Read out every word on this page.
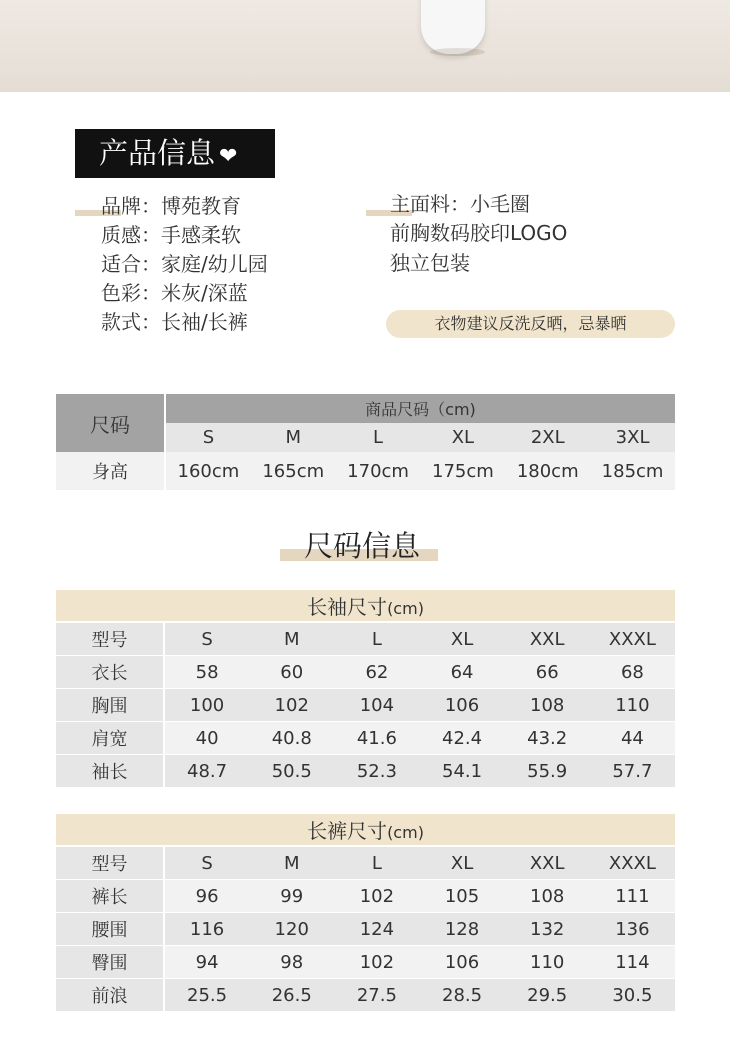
产品信息 ❤
品牌：博苑教育
质感：手感柔软
适合：家庭/幼儿园
色彩：米灰/深蓝
款式：长袖/长裤
主面料：小毛圈
前胸数码胶印LOGO
独立包装
衣物建议反洗反晒，忌暴晒
尺码		商品尺码（cm)					
		S	M	L	XL	2XL	3XL
身高		160cm	165cm	170cm	175cm	180cm	185cm
尺码信息
长袖尺寸(cm)						

型号	S	M	L	XL	XXL	XXXL
衣长	58	60	62	64	66	68
胸围	100	102	104	106	108	110
肩宽	40	40.8	41.6	42.4	43.2	44
袖长	48.7	50.5	52.3	54.1	55.9	57.7
长裤尺寸(cm)						

型号	S	M	L	XL	XXL	XXXL
裤长	96	99	102	105	108	111
腰围	116	120	124	128	132	136
臀围	94	98	102	106	110	114
前浪	25.5	26.5	27.5	28.5	29.5	30.5
